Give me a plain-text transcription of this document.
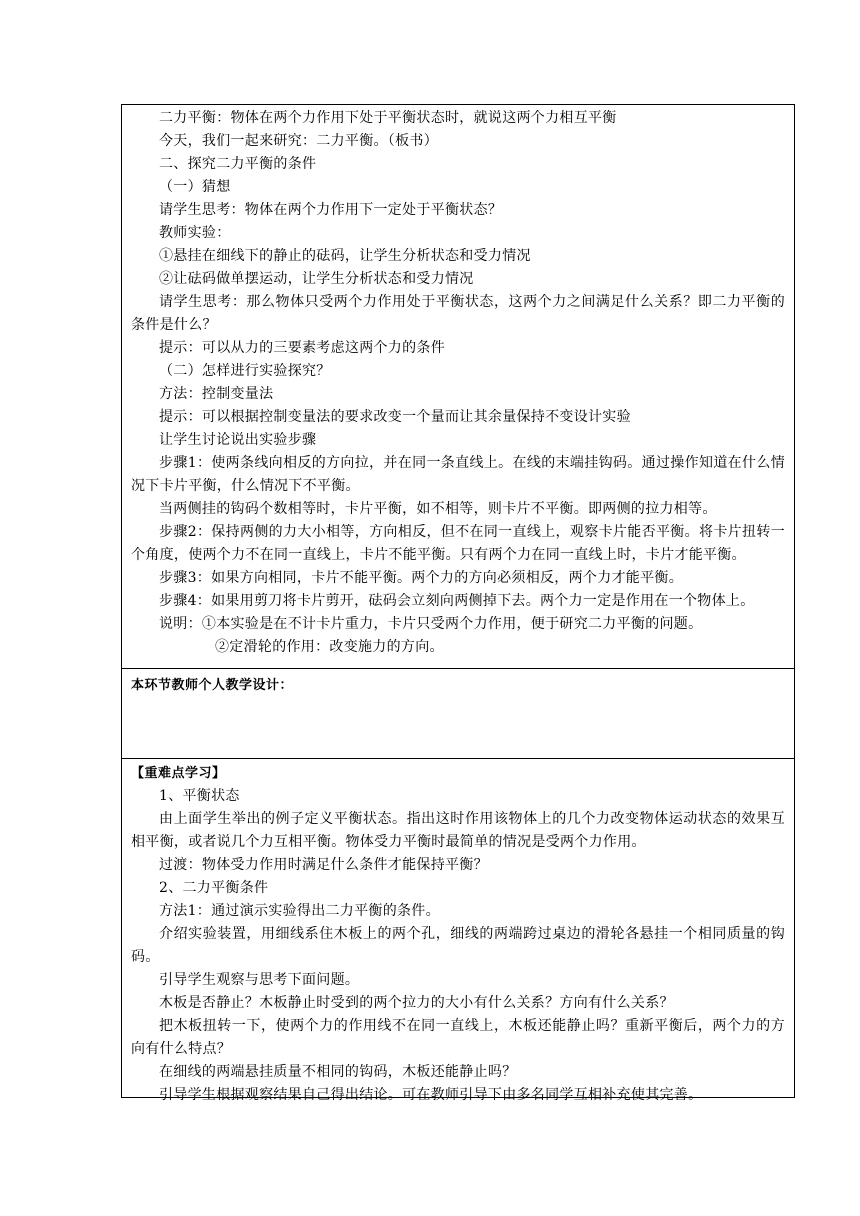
二力平衡：物体在两个力作用下处于平衡状态时，就说这两个力相互平衡

今天，我们一起来研究：二力平衡。（板书）

二、探究二力平衡的条件

（一）猜想

请学生思考：物体在两个力作用下一定处于平衡状态？

教师实验：

①悬挂在细线下的静止的砝码，让学生分析状态和受力情况

②让砝码做单摆运动，让学生分析状态和受力情况

请学生思考：那么物体只受两个力作用处于平衡状态，这两个力之间满足什么关系？即二力平衡的条件是什么？

提示：可以从力的三要素考虑这两个力的条件

（二）怎样进行实验探究？

方法：控制变量法

提示：可以根据控制变量法的要求改变一个量而让其余量保持不变设计实验

让学生讨论说出实验步骤

步骤1：使两条线向相反的方向拉，并在同一条直线上。在线的末端挂钩码。通过操作知道在什么情况下卡片平衡，什么情况下不平衡。

当两侧挂的钩码个数相等时，卡片平衡，如不相等，则卡片不平衡。即两侧的拉力相等。

步骤2：保持两侧的力大小相等，方向相反，但不在同一直线上，观察卡片能否平衡。将卡片扭转一个角度，使两个力不在同一直线上，卡片不能平衡。只有两个力在同一直线上时，卡片才能平衡。

步骤3：如果方向相同，卡片不能平衡。两个力的方向必须相反，两个力才能平衡。

步骤4：如果用剪刀将卡片剪开，砝码会立刻向两侧掉下去。两个力一定是作用在一个物体上。

说明：①本实验是在不计卡片重力，卡片只受两个力作用，便于研究二力平衡的问题。

②定滑轮的作用：改变施力的方向。

本环节教师个人教学设计：

【重难点学习】

1、平衡状态

由上面学生举出的例子定义平衡状态。指出这时作用该物体上的几个力改变物体运动状态的效果互相平衡，或者说几个力互相平衡。物体受力平衡时最简单的情况是受两个力作用。

过渡：物体受力作用时满足什么条件才能保持平衡？

2、二力平衡条件

方法1：通过演示实验得出二力平衡的条件。

介绍实验装置，用细线系住木板上的两个孔，细线的两端跨过桌边的滑轮各悬挂一个相同质量的钩码。

引导学生观察与思考下面问题。

木板是否静止？木板静止时受到的两个拉力的大小有什么关系？方向有什么关系？

把木板扭转一下，使两个力的作用线不在同一直线上，木板还能静止吗？重新平衡后，两个力的方向有什么特点？

在细线的两端悬挂质量不相同的钩码，木板还能静止吗？

引导学生根据观察结果自己得出结论。可在教师引导下由多名同学互相补充使其完善。
